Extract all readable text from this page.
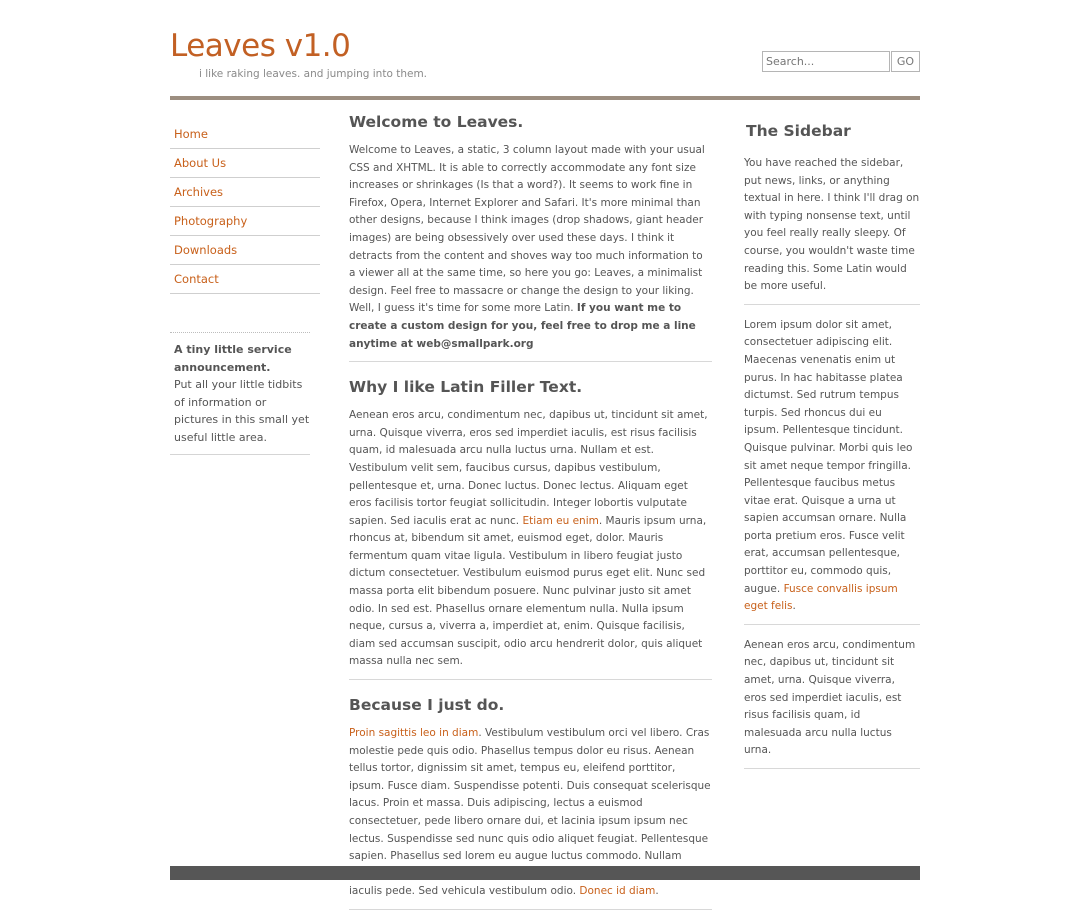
Leaves v1.0
i like raking leaves. and jumping into them.
Search...
GO
Home
About Us
Archives
Photography
Downloads
Contact
A tiny little service announcement.
Put all your little tidbits of information or pictures in this small yet useful little area.
Welcome to Leaves.

Welcome to Leaves, a static, 3 column layout made with your usual CSS and XHTML. It is able to correctly accommodate any font size increases or shrinkages (Is that a word?). It seems to work fine in Firefox, Opera, Internet Explorer and Safari. It's more minimal than other designs, because I think images (drop shadows, giant header images) are being obsessively over used these days. I think it detracts from the content and shoves way too much information to a viewer all at the same time, so here you go: Leaves, a minimalist design. Feel free to massacre or change the design to your liking. Well, I guess it's time for some more Latin. If you want me to create a custom design for you, feel free to drop me a line anytime at web@smallpark.org

Why I like Latin Filler Text.

Aenean eros arcu, condimentum nec, dapibus ut, tincidunt sit amet, urna. Quisque viverra, eros sed imperdiet iaculis, est risus facilisis quam, id malesuada arcu nulla luctus urna. Nullam et est. Vestibulum velit sem, faucibus cursus, dapibus vestibulum, pellentesque et, urna. Donec luctus. Donec lectus. Aliquam eget eros facilisis tortor feugiat sollicitudin. Integer lobortis vulputate sapien. Sed iaculis erat ac nunc. Etiam eu enim. Mauris ipsum urna, rhoncus at, bibendum sit amet, euismod eget, dolor. Mauris fermentum quam vitae ligula. Vestibulum in libero feugiat justo dictum consectetuer. Vestibulum euismod purus eget elit. Nunc sed massa porta elit bibendum posuere. Nunc pulvinar justo sit amet odio. In sed est. Phasellus ornare elementum nulla. Nulla ipsum neque, cursus a, viverra a, imperdiet at, enim. Quisque facilisis, diam sed accumsan suscipit, odio arcu hendrerit dolor, quis aliquet massa nulla nec sem.

Because I just do.

Proin sagittis leo in diam. Vestibulum vestibulum orci vel libero. Cras molestie pede quis odio. Phasellus tempus dolor eu risus. Aenean tellus tortor, dignissim sit amet, tempus eu, eleifend porttitor, ipsum. Fusce diam. Suspendisse potenti. Duis consequat scelerisque lacus. Proin et massa. Duis adipiscing, lectus a euismod consectetuer, pede libero ornare dui, et lacinia ipsum ipsum nec lectus. Suspendisse sed nunc quis odio aliquet feugiat. Pellentesque sapien. Phasellus sed lorem eu augue luctus commodo. Nullam iaculis pede. Sed vehicula vestibulum odio. Donec id diam.

The Sidebar
You have reached the sidebar, put news, links, or anything textual in here. I think I'll drag on with typing nonsense text, until you feel really really sleepy. Of course, you wouldn't waste time reading this. Some Latin would be more useful.
Lorem ipsum dolor sit amet, consectetuer adipiscing elit. Maecenas venenatis enim ut purus. In hac habitasse platea dictumst. Sed rutrum tempus turpis. Sed rhoncus dui eu ipsum. Pellentesque tincidunt. Quisque pulvinar. Morbi quis leo sit amet neque tempor fringilla. Pellentesque faucibus metus vitae erat. Quisque a urna ut sapien accumsan ornare. Nulla porta pretium eros. Fusce velit erat, accumsan pellentesque, porttitor eu, commodo quis, augue. Fusce convallis ipsum eget felis.
Aenean eros arcu, condimentum nec, dapibus ut, tincidunt sit amet, urna. Quisque viverra, eros sed imperdiet iaculis, est risus facilisis quam, id malesuada arcu nulla luctus urna.
